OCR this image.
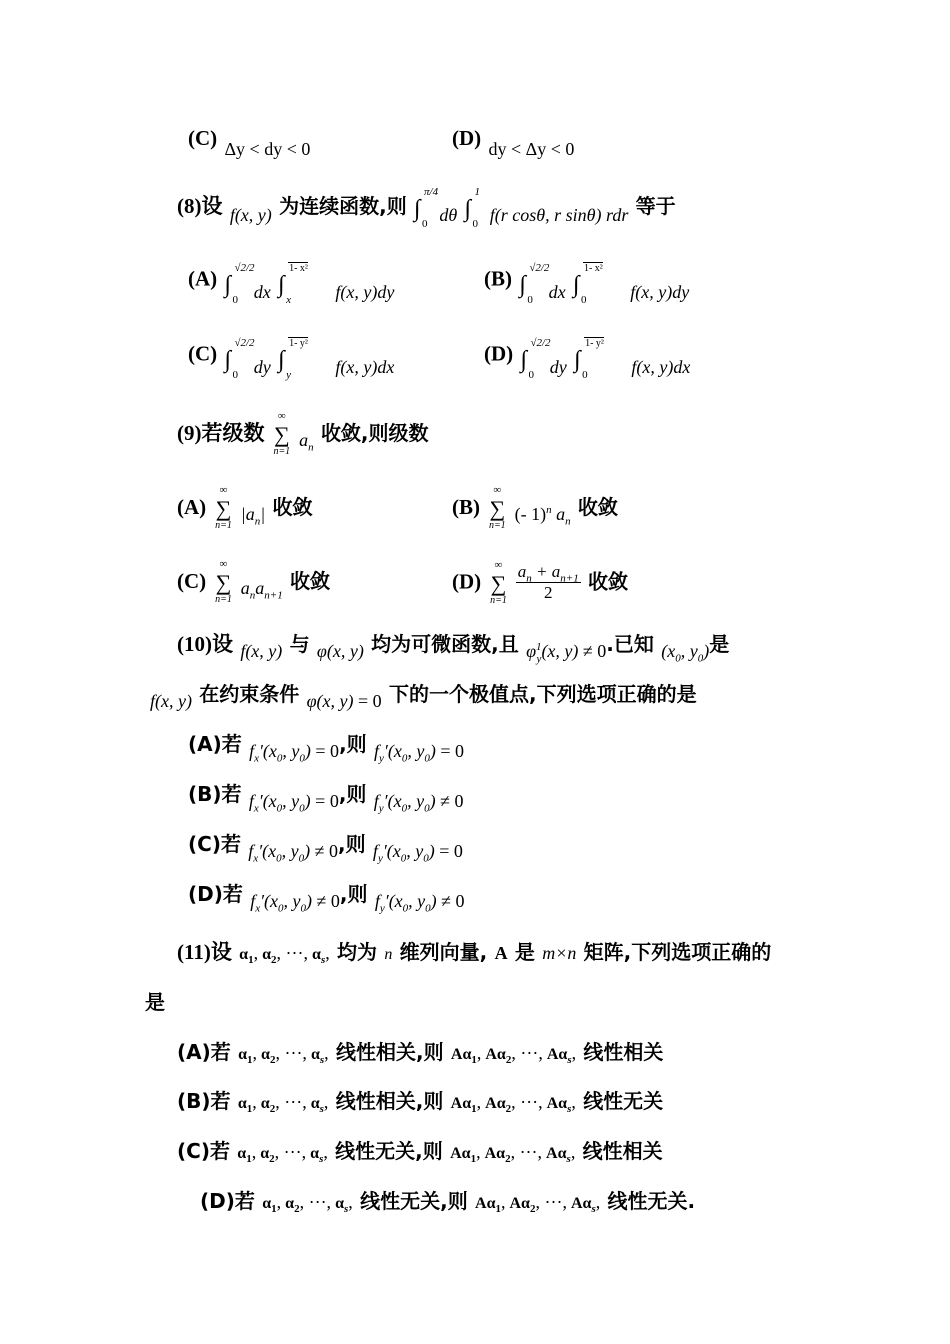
(C) Δy < dy < 0	(D) dy < Δy < 0
(8)设 f(x, y) 为连续函数,则 ∫
π/4
0 dθ ∫
1
0 f(r cosθ, r sinθ) rdr 等于
(A) ∫
√2/2
0 dx ∫
1- x²
x f(x, y)dy
(B) ∫
√2/2
0 dx ∫
1- x²
0 f(x, y)dy
(C) ∫
√2/2
0 dy ∫
1- y²
y f(x, y)dx
(D) ∫
√2/2
0 dy ∫
1- y²
0 f(x, y)dx
(9)若级数
∞
∑
n=1
$a_n$ 收敛,则级数
(A)
∞
∑
n=1
$|a_n|$ 收敛	(B)
∞
∑
n=1
(- 1)$^n$ $a_n$ 收敛
(C)
∞
∑
n=1
$a_na_{n+1}$ 收敛	(D)
∞
∑
n=1
$\frac{a_n + a_{n+1}}{2}$ 收敛
(10)设 f(x, y) 与 φ(x, y) 均为可微函数,且 $\varphi^1_y(x$, y) ≠ 0.已知 ($x_0$, $y_0$)是
f(x, y) 在约束条件 φ(x, y) = 0 下的一个极值点,下列选项正确的是
(A)若 $f_x'(x_0$, $y_0) = 0$,则 $f_y'(x_0$, $y_0) = 0$
(B)若 $f_x'(x_0$, $y_0) = 0$,则 $f_y'(x_0$, $y_0) \ne 0$
(C)若 $f_x'(x_0$, $y_0) \ne 0$,则 $f_y'(x_0$, $y_0) = 0$
(D)若 $f_x'(x_0$, $y_0) \ne 0$,则 $f_y'(x_0$, $y_0) \ne 0$
(11)设 $\alpha_1$, $\alpha_2$, ···, $\alpha_s$, 均为 n 维列向量, A 是 m×n 矩阵,下列选项正确的
是
(A)若 $\alpha_1$, $\alpha_2$, ···, $\alpha_s$, 线性相关,则 $A\alpha_1$, $A\alpha_2$, ···, $A\alpha_s$, 线性相关
(B)若 $\alpha_1$, $\alpha_2$, ···, $\alpha_s$, 线性相关,则 $A\alpha_1$, $A\alpha_2$, ···, $A\alpha_s$, 线性无关
(C)若 $\alpha_1$, $\alpha_2$, ···, $\alpha_s$, 线性无关,则 $A\alpha_1$, $A\alpha_2$, ···, $A\alpha_s$, 线性相关
(D)若 $\alpha_1$, $\alpha_2$, ···, $\alpha_s$, 线性无关,则 $A\alpha_1$, $A\alpha_2$, ···, $A\alpha_s$, 线性无关.
